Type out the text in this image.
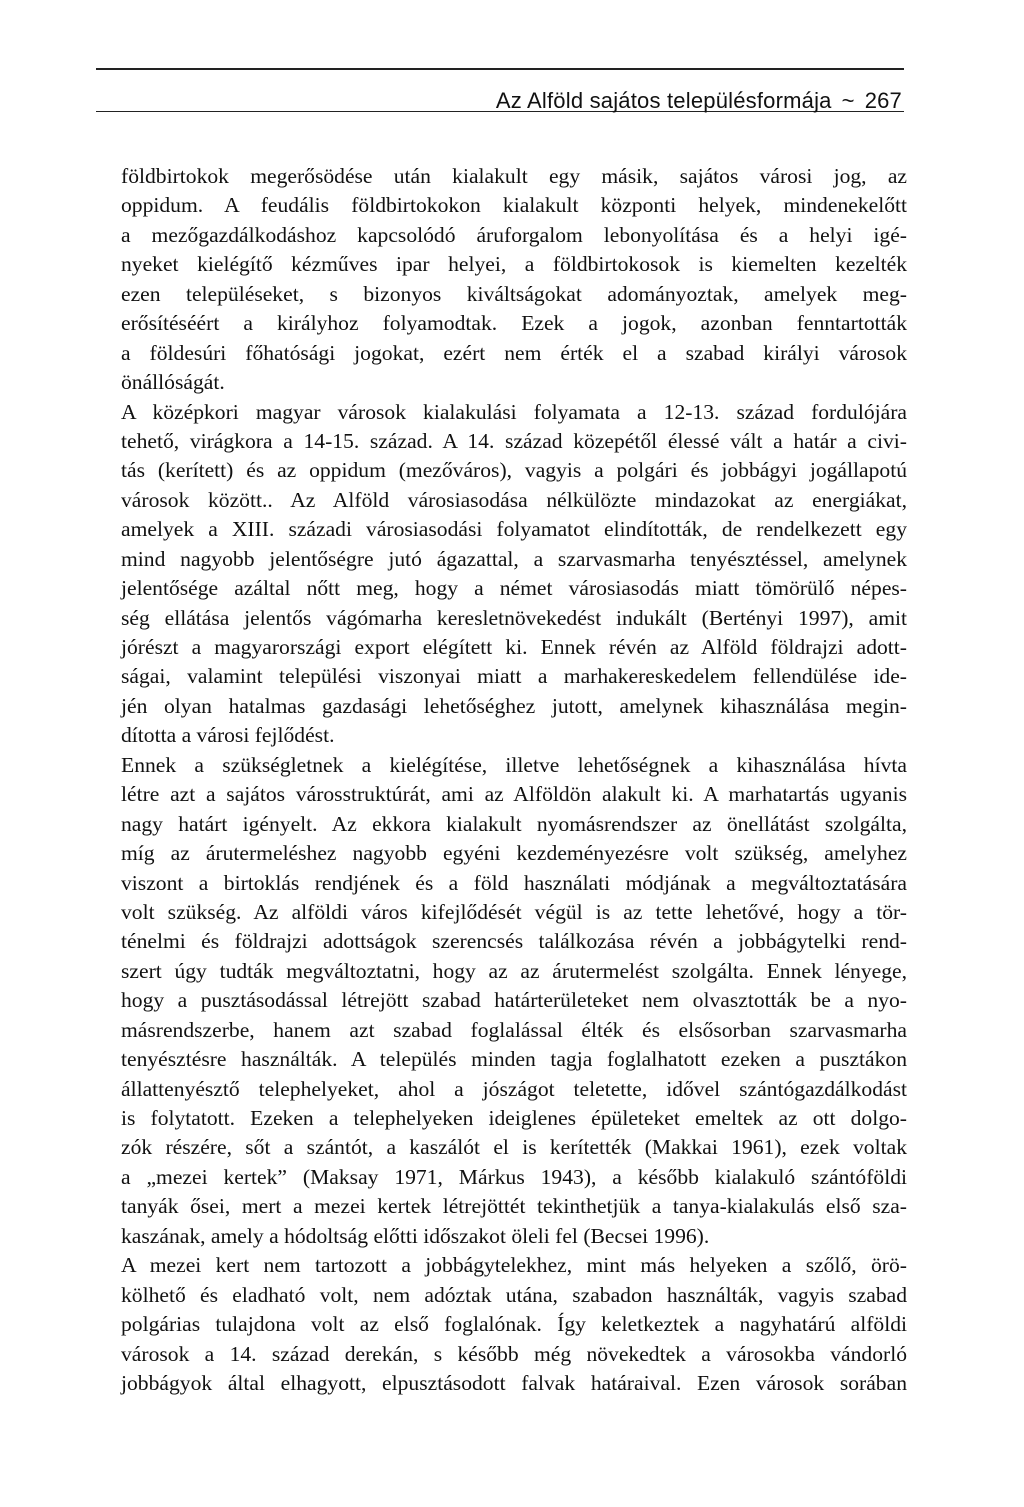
Az Alföld sajátos településformája ~ 267
földbirtokok megerősödése után kialakult egy másik, sajátos városi jog, az
oppidum. A feudális földbirtokokon kialakult központi helyek, mindenekelőtt
a mezőgazdálkodáshoz kapcsolódó áruforgalom lebonyolítása és a helyi igé-
nyeket kielégítő kézműves ipar helyei, a földbirtokosok is kiemelten kezelték
ezen településeket, s bizonyos kiváltságokat adományoztak, amelyek meg-
erősítéséért a királyhoz folyamodtak. Ezek a jogok, azonban fenntartották
a földesúri főhatósági jogokat, ezért nem érték el a szabad királyi városok
önállóságát.
A középkori magyar városok kialakulási folyamata a 12-13. század fordulójára
tehető, virágkora a 14-15. század. A 14. század közepétől élessé vált a határ a civi-
tás (kerített) és az oppidum (mezőváros), vagyis a polgári és jobbágyi jogállapotú
városok között.. Az Alföld városiasodása nélkülözte mindazokat az energiákat,
amelyek a XIII. századi városiasodási folyamatot elindították, de rendelkezett egy
mind nagyobb jelentőségre jutó ágazattal, a szarvasmarha tenyésztéssel, amelynek
jelentősége azáltal nőtt meg, hogy a német városiasodás miatt tömörülő népes-
ség ellátása jelentős vágómarha keresletnövekedést indukált (Bertényi 1997), amit
jórészt a magyarországi export elégített ki. Ennek révén az Alföld földrajzi adott-
ságai, valamint települési viszonyai miatt a marhakereskedelem fellendülése ide-
jén olyan hatalmas gazdasági lehetőséghez jutott, amelynek kihasználása megin-
dította a városi fejlődést.
Ennek a szükségletnek a kielégítése, illetve lehetőségnek a kihasználása hívta
létre azt a sajátos városstruktúrát, ami az Alföldön alakult ki. A marhatartás ugyanis
nagy határt igényelt. Az ekkora kialakult nyomásrendszer az önellátást szolgálta,
míg az árutermeléshez nagyobb egyéni kezdeményezésre volt szükség, amelyhez
viszont a birtoklás rendjének és a föld használati módjának a megváltoztatására
volt szükség. Az alföldi város kifejlődését végül is az tette lehetővé, hogy a tör-
ténelmi és földrajzi adottságok szerencsés találkozása révén a jobbágytelki rend-
szert úgy tudták megváltoztatni, hogy az az árutermelést szolgálta. Ennek lényege,
hogy a pusztásodással létrejött szabad határterületeket nem olvasztották be a nyo-
másrendszerbe, hanem azt szabad foglalással élték és elsősorban szarvasmarha
tenyésztésre használták. A település minden tagja foglalhatott ezeken a pusztákon
állattenyésztő telephelyeket, ahol a jószágot teletette, idővel szántógazdálkodást
is folytatott. Ezeken a telephelyeken ideiglenes épületeket emeltek az ott dolgo-
zók részére, sőt a szántót, a kaszálót el is kerítették (Makkai 1961), ezek voltak
a „mezei kertek” (Maksay 1971, Márkus 1943), a később kialakuló szántóföldi
tanyák ősei, mert a mezei kertek létrejöttét tekinthetjük a tanya-kialakulás első sza-
kaszának, amely a hódoltság előtti időszakot öleli fel (Becsei 1996).
A mezei kert nem tartozott a jobbágytelekhez, mint más helyeken a szőlő, örö-
kölhető és eladható volt, nem adóztak utána, szabadon használták, vagyis szabad
polgárias tulajdona volt az első foglalónak. Így keletkeztek a nagyhatárú alföldi
városok a 14. század derekán, s később még növekedtek a városokba vándorló
jobbágyok által elhagyott, elpusztásodott falvak határaival. Ezen városok sorában
